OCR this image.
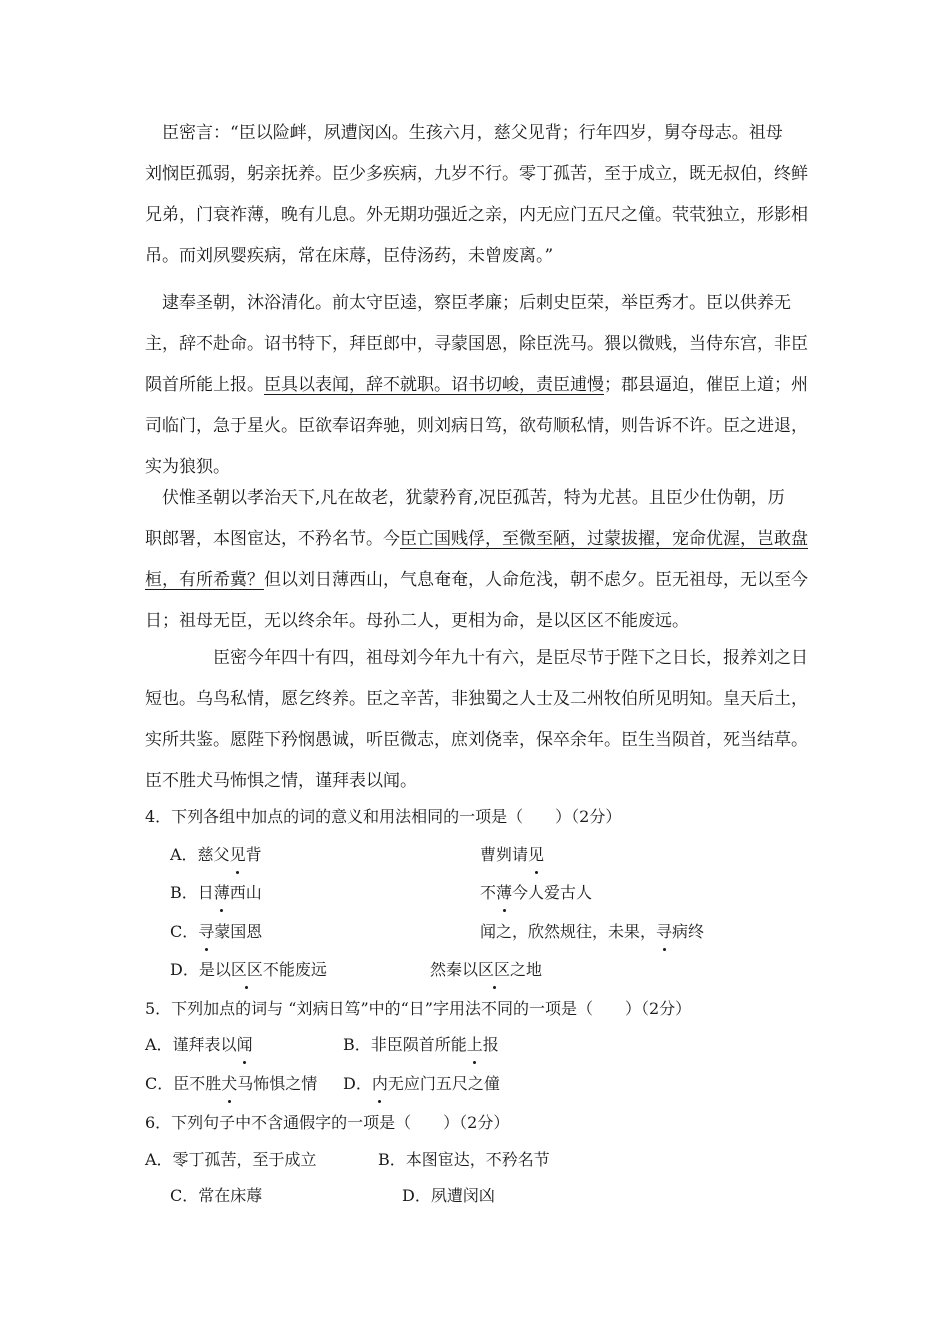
臣密言：“臣以险衅，夙遭闵凶。生孩六月，慈父见背；行年四岁，舅夺母志。祖母
刘悯臣孤弱，躬亲抚养。臣少多疾病，九岁不行。零丁孤苦，至于成立，既无叔伯，终鲜
兄弟，门衰祚薄，晚有儿息。外无期功强近之亲，内无应门五尺之僮。茕茕独立，形影相
吊。而刘夙婴疾病，常在床蓐，臣侍汤药，未曾废离。”
逮奉圣朝，沐浴清化。前太守臣逵，察臣孝廉；后刺史臣荣，举臣秀才。臣以供养无
主，辞不赴命。诏书特下，拜臣郎中，寻蒙国恩，除臣洗马。猥以微贱，当侍东宫，非臣
陨首所能上报。臣具以表闻，辞不就职。诏书切峻，责臣逋慢；郡县逼迫，催臣上道；州
司临门，急于星火。臣欲奉诏奔驰，则刘病日笃，欲苟顺私情，则告诉不许。臣之进退，
实为狼狈。
伏惟圣朝以孝治天下,凡在故老，犹蒙矜育,况臣孤苦，特为尤甚。且臣少仕伪朝，历
职郎署，本图宦达，不矜名节。今臣亡国贱俘，至微至陋，过蒙拔擢，宠命优渥，岂敢盘
桓，有所希冀？但以刘日薄西山，气息奄奄，人命危浅，朝不虑夕。臣无祖母，无以至今
日；祖母无臣，无以终余年。母孙二人，更相为命，是以区区不能废远。
臣密今年四十有四，祖母刘今年九十有六，是臣尽节于陛下之日长，报养刘之日
短也。乌鸟私情，愿乞终养。臣之辛苦，非独蜀之人士及二州牧伯所见明知。皇天后土，
实所共鉴。愿陛下矜悯愚诚，听臣微志，庶刘侥幸，保卒余年。臣生当陨首，死当结草。
臣不胜犬马怖惧之情，谨拜表以闻。

4．下列各组中加点的词的意义和用法相同的一项是（　　）（2分）

A．慈父见背	曹刿请见

B．日薄西山	不薄今人爱古人

C．寻蒙国恩	闻之，欣然规往，未果，寻病终

D．是以区区不能废远	然秦以区区之地

5．下列加点的词与 “刘病日笃”中的“日”字用法不同的一项是（　　）（2分）

A．谨拜表以闻	B．非臣陨首所能上报

C．臣不胜犬马怖惧之情 D．内无应门五尺之僮

6．下列句子中不含通假字的一项是（　　）（2分）

A．零丁孤苦，至于成立	B．本图宦达，不矜名节

C．常在床蓐	D．夙遭闵凶
